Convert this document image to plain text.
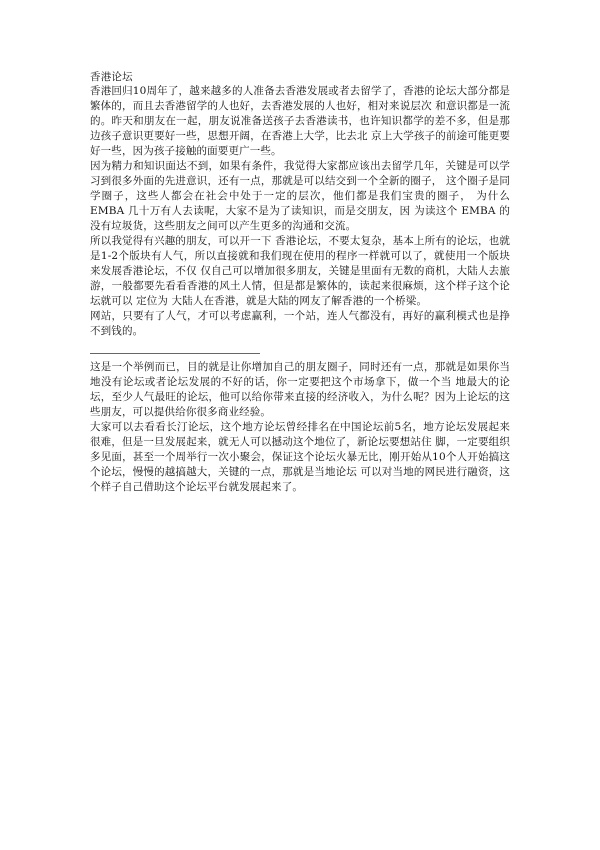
香港论坛

香港回归10周年了，越来越多的人准备去香港发展或者去留学了，香港的论坛大部分都是繁体的，而且去香港留学的人也好，去香港发展的人也好，相对来说层次 和意识都是一流的。昨天和朋友在一起，朋友说准备送孩子去香港读书，也许知识都学的差不多，但是那边孩子意识更要好一些，思想开阔，在香港上大学，比去北 京上大学孩子的前途可能更要好一些，因为孩子接触的面要更广一些。

因为精力和知识面达不到，如果有条件，我觉得大家都应该出去留学几年，关键是可以学习到很多外面的先进意识，还有一点，那就是可以结交到一个全新的圈子， 这个圈子是同学圈子，这些人都会在社会中处于一定的层次，他们都是我们宝贵的圈子， 为什么 EMBA 几十万有人去读呢，大家不是为了读知识，而是交朋友，因 为读这个 EMBA 的没有垃圾货，这些朋友之间可以产生更多的沟通和交流。

所以我觉得有兴趣的朋友，可以开一下 香港论坛，不要太复杂，基本上所有的论坛，也就是1-2个版块有人气，所以直接就和我们现在使用的程序一样就可以了，就使用一个版块来发展香港论坛，不仅 仅自己可以增加很多朋友，关键是里面有无数的商机，大陆人去旅游，一般都要先看看香港的风土人情，但是都是繁体的，读起来很麻烦，这个样子这个论坛就可以 定位为 大陆人在香港，就是大陆的网友了解香港的一个桥梁。

网站，只要有了人气，才可以考虑赢利，一个站，连人气都没有，再好的赢利模式也是挣不到钱的。

这是一个举例而已，目的就是让你增加自己的朋友圈子，同时还有一点，那就是如果你当地没有论坛或者论坛发展的不好的话，你一定要把这个市场拿下，做一个当 地最大的论坛，至少人气最旺的论坛，他可以给你带来直接的经济收入，为什么呢？因为上论坛的这些朋友，可以提供给你很多商业经验。

大家可以去看看长汀论坛，这个地方论坛曾经排名在中国论坛前5名，地方论坛发展起来很难，但是一旦发展起来，就无人可以撼动这个地位了，新论坛要想站住 脚，一定要组织多见面，甚至一个周举行一次小聚会，保证这个论坛火暴无比，刚开始从10个人开始搞这个论坛，慢慢的越搞越大，关键的一点，那就是当地论坛 可以对当地的网民进行融资，这个样子自己借助这个论坛平台就发展起来了。
